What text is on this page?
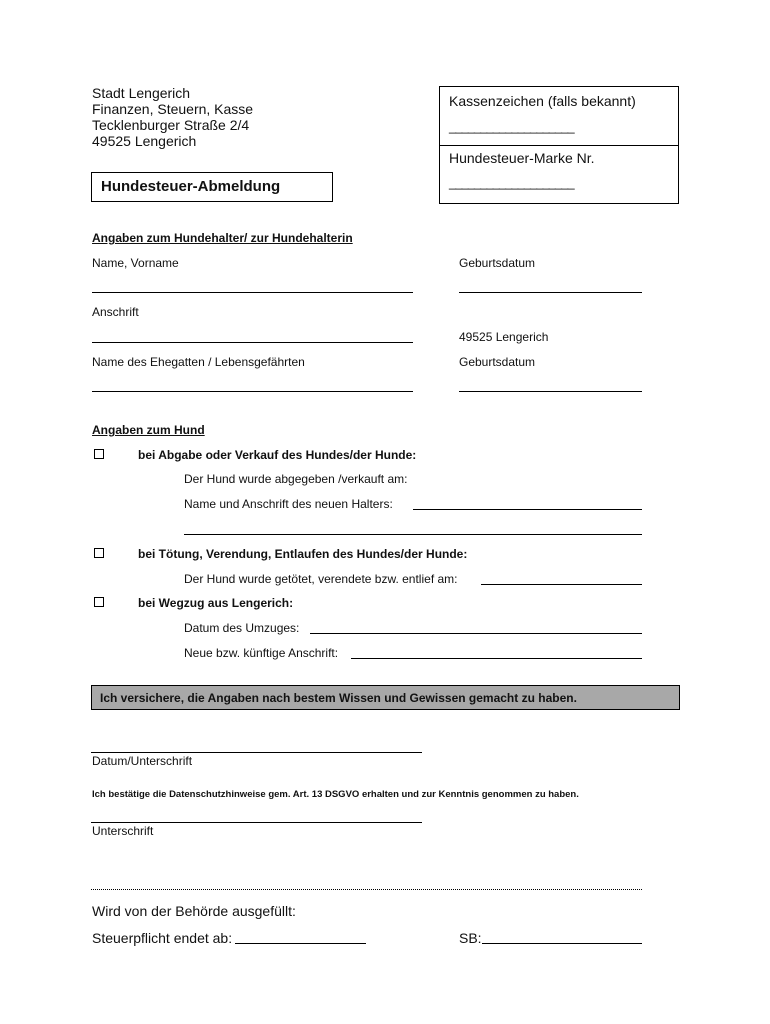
Stadt Lengerich
Finanzen, Steuern, Kasse
Tecklenburger Straße 2/4
49525 Lengerich
Hundesteuer-Abmeldung
Kassenzeichen (falls bekannt)
____________________
Hundesteuer-Marke Nr.
____________________
Angaben zum Hundehalter/ zur Hundehalterin
Name, Vorname	Geburtsdatum
Anschrift
49525 Lengerich
Name des Ehegatten / Lebensgefährten	Geburtsdatum
Angaben zum Hund
bei Abgabe oder Verkauf des Hundes/der Hunde:
Der Hund wurde abgegeben /verkauft am:
Name und Anschrift des neuen Halters:
bei Tötung, Verendung, Entlaufen des Hundes/der Hunde:
Der Hund wurde getötet, verendete bzw. entlief am:
bei Wegzug aus Lengerich:
Datum des Umzuges:
Neue bzw. künftige Anschrift:
Ich versichere, die Angaben nach bestem Wissen und Gewissen gemacht zu haben.
Datum/Unterschrift
Ich bestätige die Datenschutzhinweise gem. Art. 13 DSGVO erhalten und zur Kenntnis genommen zu haben.
Unterschrift
Wird von der Behörde ausgefüllt:
Steuerpflicht endet ab:	SB:
